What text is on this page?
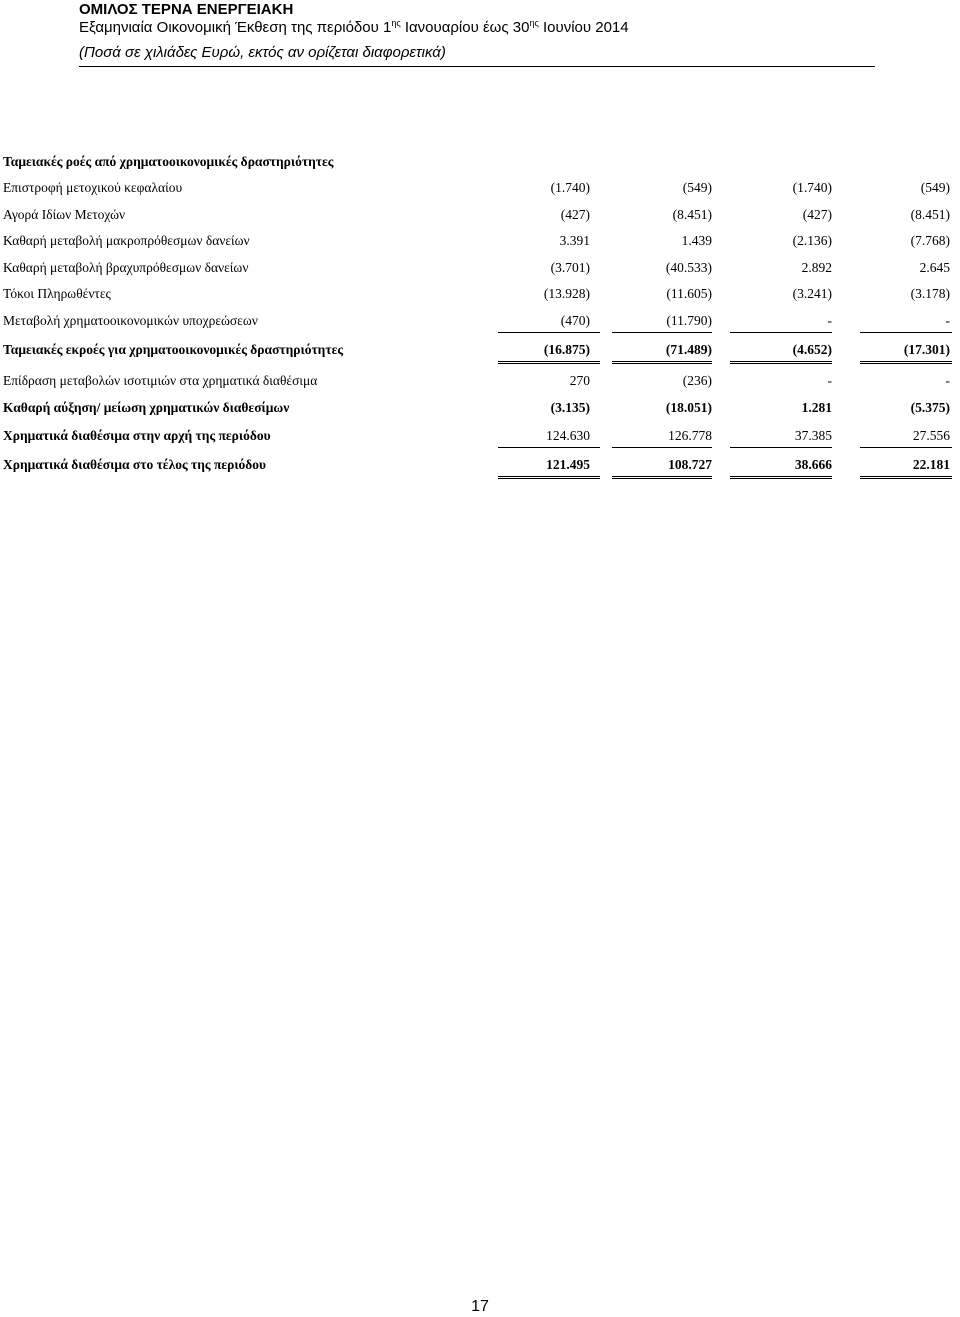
ΟΜΙΛΟΣ ΤΕΡΝΑ ΕΝΕΡΓΕΙΑΚΗ
Εξαμηνιαία Οικονομική Έκθεση της περιόδου $1^{\eta\varsigma}$ Ιανουαρίου έως $30^{\eta\varsigma}$ Ιουνίου 2014
(Ποσά σε χιλιάδες Ευρώ, εκτός αν ορίζεται διαφορετικά)
Ταμειακές ροές από χρηματοοικονομικές δραστηριότητες
Επιστροφή μετοχικού κεφαλαίου	(1.740)	(549)	(1.740)	(549)
Αγορά Ιδίων Μετοχών	(427)	(8.451)	(427)	(8.451)
Καθαρή μεταβολή μακροπρόθεσμων δανείων	3.391	1.439	(2.136)	(7.768)
Καθαρή μεταβολή βραχυπρόθεσμων δανείων	(3.701)	(40.533)	2.892	2.645
Τόκοι Πληρωθέντες	(13.928)	(11.605)	(3.241)	(3.178)
Μεταβολή χρηματοοικονομικών υποχρεώσεων	(470)	(11.790)	-	-
Ταμειακές εκροές για χρηματοοικονομικές δραστηριότητες	(16.875)	(71.489)	(4.652)	(17.301)
Επίδραση μεταβολών ισοτιμιών στα χρηματικά διαθέσιμα	270	(236)	-	-
Καθαρή αύξηση/ μείωση χρηματικών διαθεσίμων	(3.135)	(18.051)	1.281	(5.375)
Χρηματικά διαθέσιμα στην αρχή της περιόδου	124.630	126.778	37.385	27.556
Χρηματικά διαθέσιμα στο τέλος της περιόδου	121.495	108.727	38.666	22.181
17
